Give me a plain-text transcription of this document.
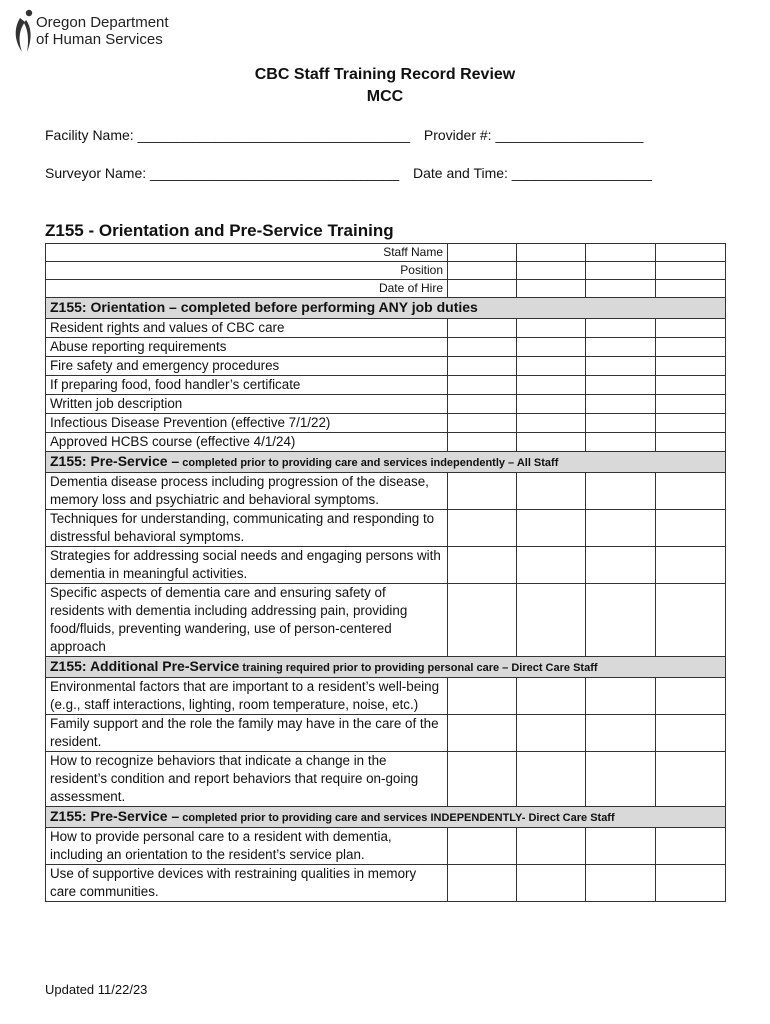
Oregon Department
of Human Services
CBC Staff Training Record Review
MCC
Facility Name: ___________________________________ Provider #: ___________________
Surveyor Name: ________________________________ Date and Time: __________________
Z155 - Orientation and Pre-Service Training
Staff Name				
Position				
Date of Hire				
Z155: Orientation – completed before performing ANY job duties				
Resident rights and values of CBC care				
Abuse reporting requirements				
Fire safety and emergency procedures				
If preparing food, food handler’s certificate				
Written job description				
Infectious Disease Prevention (effective 7/1/22)				
Approved HCBS course (effective 4/1/24)				
Z155: Pre-Service – completed prior to providing care and services independently – All Staff				
Dementia disease process including progression of the disease, memory loss and psychiatric and behavioral symptoms.				
Techniques for understanding, communicating and responding to distressful behavioral symptoms.				
Strategies for addressing social needs and engaging persons with dementia in meaningful activities.				
Specific aspects of dementia care and ensuring safety of residents with dementia including addressing pain, providing food/fluids, preventing wandering, use of person-centered approach				
Z155: Additional Pre-Service training required prior to providing personal care – Direct Care Staff				
Environmental factors that are important to a resident’s well-being (e.g., staff interactions, lighting, room temperature, noise, etc.)				
Family support and the role the family may have in the care of the resident.				
How to recognize behaviors that indicate a change in the resident’s condition and report behaviors that require on-going assessment.				
Z155: Pre-Service – completed prior to providing care and services INDEPENDENTLY- Direct Care Staff				
How to provide personal care to a resident with dementia, including an orientation to the resident’s service plan.				
Use of supportive devices with restraining qualities in memory care communities.				
Updated 11/22/23
